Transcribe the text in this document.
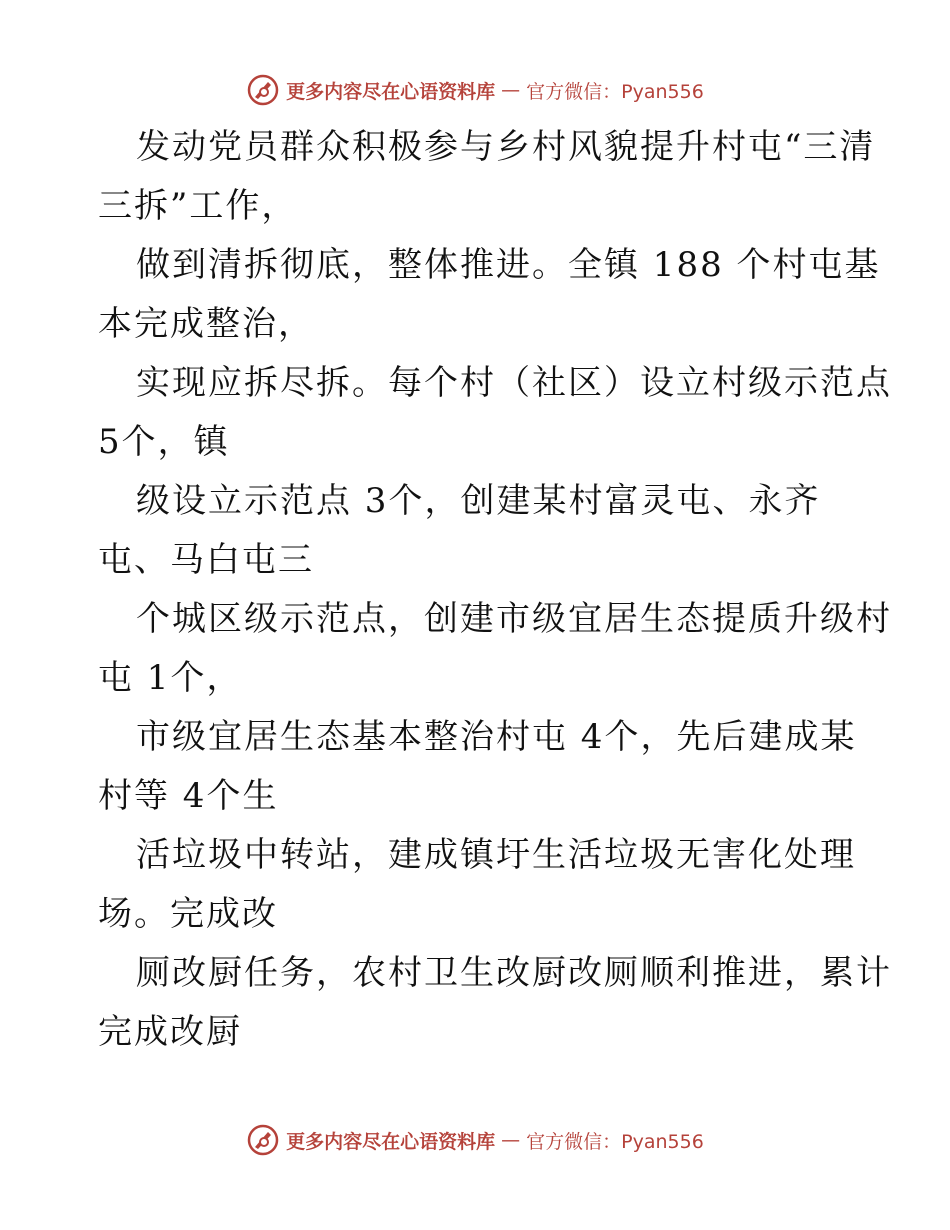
更多内容尽在心语资料库 — 官方微信：Pyan556
发动党员群众积极参与乡村风貌提升村屯“三清
三拆”工作，
做到清拆彻底，整体推进。全镇 188 个村屯基
本完成整治，
实现应拆尽拆。每个村（社区）设立村级示范点
5个，镇
级设立示范点 3个，创建某村富灵屯、永齐
屯、马白屯三
个城区级示范点，创建市级宜居生态提质升级村
屯 1个，
市级宜居生态基本整治村屯 4个，先后建成某
村等 4个生
活垃圾中转站，建成镇圩生活垃圾无害化处理
场。完成改
厕改厨任务，农村卫生改厨改厕顺利推进，累计
完成改厨
更多内容尽在心语资料库 — 官方微信：Pyan556
